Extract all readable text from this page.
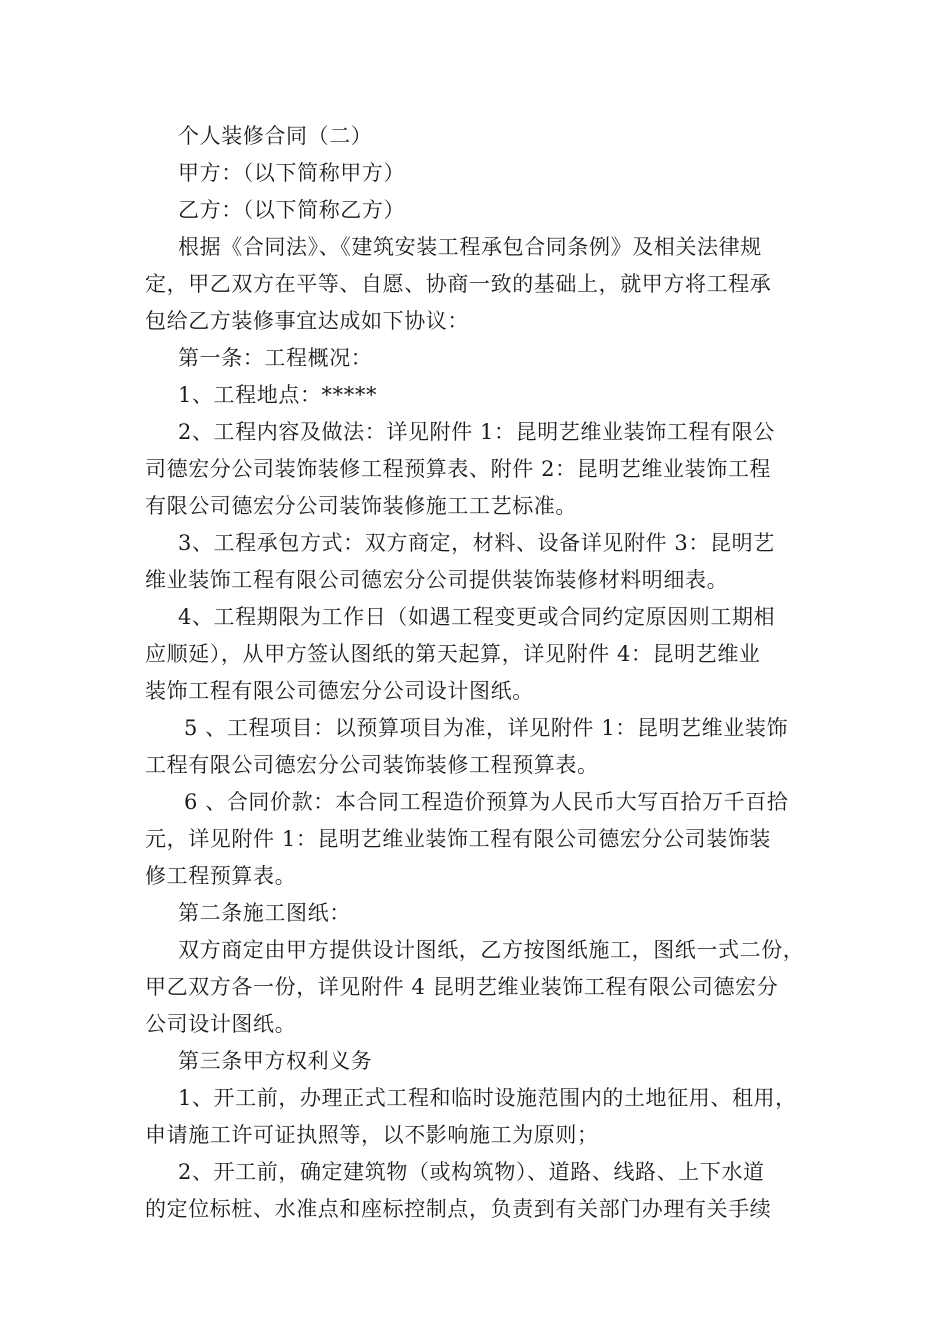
个人装修合同（二）
甲方：（以下简称甲方）
乙方：（以下简称乙方）
根据《合同法》、《建筑安装工程承包合同条例》及相关法律规
定，甲乙双方在平等、自愿、协商一致的基础上，就甲方将工程承
包给乙方装修事宜达成如下协议：
第一条：工程概况：
1、工程地点：*****
2、工程内容及做法：详见附件 1：昆明艺维业装饰工程有限公
司德宏分公司装饰装修工程预算表、附件 2：昆明艺维业装饰工程
有限公司德宏分公司装饰装修施工工艺标准。
3、工程承包方式：双方商定，材料、设备详见附件 3：昆明艺
维业装饰工程有限公司德宏分公司提供装饰装修材料明细表。
4、工程期限为工作日（如遇工程变更或合同约定原因则工期相
应顺延），从甲方签认图纸的第天起算，详见附件 4：昆明艺维业
装饰工程有限公司德宏分公司设计图纸。
5 、工程项目：以预算项目为准，详见附件 1：昆明艺维业装饰
工程有限公司德宏分公司装饰装修工程预算表。
6 、合同价款：本合同工程造价预算为人民币大写百拾万千百拾
元，详见附件 1：昆明艺维业装饰工程有限公司德宏分公司装饰装
修工程预算表。
第二条施工图纸：
双方商定由甲方提供设计图纸，乙方按图纸施工，图纸一式二份，
甲乙双方各一份，详见附件 4 昆明艺维业装饰工程有限公司德宏分
公司设计图纸。
第三条甲方权利义务
1、开工前，办理正式工程和临时设施范围内的土地征用、租用，
申请施工许可证执照等，以不影响施工为原则；
2、开工前，确定建筑物（或构筑物）、道路、线路、上下水道
的定位标桩、水准点和座标控制点，负责到有关部门办理有关手续
